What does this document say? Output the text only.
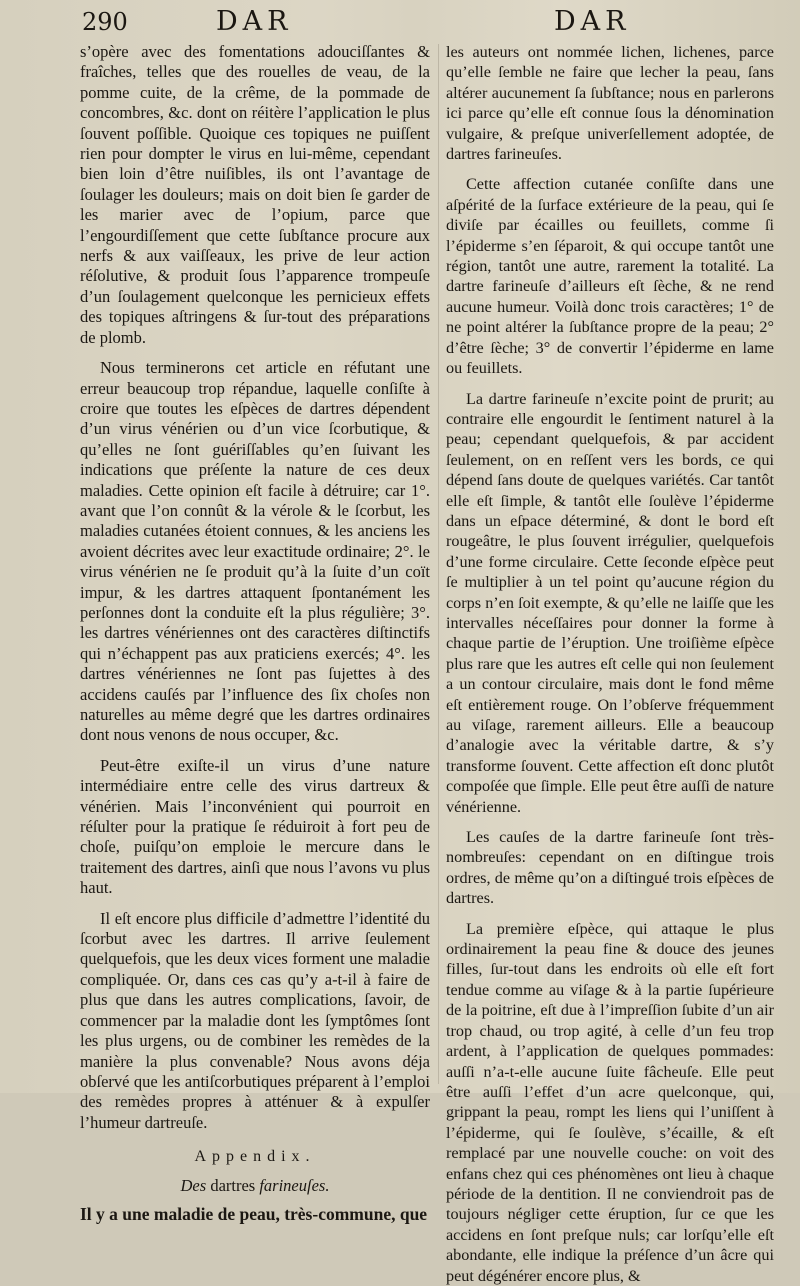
290	DAR	DAR

s’opère avec des fomentations adouciſſantes & fraîches, telles que des rouelles de veau, de la pomme cuite, de la crême, de la pommade de concombres, &c. dont on réitère l’application le plus ſouvent poſſible. Quoique ces topiques ne puiſſent rien pour dompter le virus en lui-même, cependant bien loin d’être nuiſibles, ils ont l’avantage de ſoulager les douleurs; mais on doit bien ſe garder de les marier avec de l’opium, parce que l’engourdiſſement que cette ſubſtance procure aux nerfs & aux vaiſſeaux, les prive de leur action réſolutive, & produit ſous l’apparence trompeuſe d’un ſoulagement quelconque les pernicieux effets des topiques aſtringens & ſur-tout des préparations de plomb.

Nous terminerons cet article en réfutant une erreur beaucoup trop répandue, laquelle conſiſte à croire que toutes les eſpèces de dartres dépendent d’un virus vénérien ou d’un vice ſcorbutique, & qu’elles ne ſont guériſſables qu’en ſuivant les indications que préſente la nature de ces deux maladies. Cette opinion eſt facile à détruire; car 1°. avant que l’on connût & la vérole & le ſcorbut, les maladies cutanées étoient connues, & les anciens les avoient décrites avec leur exactitude ordinaire; 2°. le virus vénérien ne ſe produit qu’à la ſuite d’un coït impur, & les dartres attaquent ſpontanément les perſonnes dont la conduite eſt la plus régulière; 3°. les dartres vénériennes ont des caractères diſtinctifs qui n’échappent pas aux praticiens exercés; 4°. les dartres vénériennes ne ſont pas ſujettes à des accidens cauſés par l’influence des ſix choſes non naturelles au même degré que les dartres ordinaires dont nous venons de nous occuper, &c.

Peut-être exiſte-il un virus d’une nature intermédiaire entre celle des virus dartreux & vénérien. Mais l’inconvénient qui pourroit en réſulter pour la pratique ſe réduiroit à fort peu de choſe, puiſqu’on emploie le mercure dans le traitement des dartres, ainſi que nous l’avons vu plus haut.

Il eſt encore plus difficile d’admettre l’identité du ſcorbut avec les dartres. Il arrive ſeulement quelquefois, que les deux vices forment une maladie compliquée. Or, dans ces cas qu’y a-t-il à faire de plus que dans les autres complications, ſavoir, de commencer par la maladie dont les ſymptômes ſont les plus urgens, ou de combiner les remèdes de la manière la plus convenable? Nous avons déja obſervé que les antiſcorbutiques préparent à l’emploi des remèdes propres à atténuer & à expulſer l’humeur dartreuſe.

Appendix.
Des dartres farineuſes.
Il y a une maladie de peau, très-commune, que

les auteurs ont nommée lichen, lichenes, parce qu’elle ſemble ne faire que lecher la peau, ſans altérer aucunement ſa ſubſtance; nous en parlerons ici parce qu’elle eſt connue ſous la dénomination vulgaire, & preſque univerſellement adoptée, de dartres farineuſes.

Cette affection cutanée conſiſte dans une aſpérité de la ſurface extérieure de la peau, qui ſe diviſe par écailles ou feuillets, comme ſi l’épiderme s’en ſéparoit, & qui occupe tantôt une région, tantôt une autre, rarement la totalité. La dartre farineuſe d’ailleurs eſt ſèche, & ne rend aucune humeur. Voilà donc trois caractères; 1° de ne point altérer la ſubſtance propre de la peau; 2° d’être ſèche; 3° de convertir l’épiderme en lame ou feuillets.

La dartre farineuſe n’excite point de prurit; au contraire elle engourdit le ſentiment naturel à la peau; cependant quelquefois, & par accident ſeulement, on en reſſent vers les bords, ce qui dépend ſans doute de quelques variétés. Car tantôt elle eſt ſimple, & tantôt elle ſoulève l’épiderme dans un eſpace déterminé, & dont le bord eſt rougeâtre, le plus ſouvent irrégulier, quelquefois d’une forme circulaire. Cette ſeconde eſpèce peut ſe multiplier à un tel point qu’aucune région du corps n’en ſoit exempte, & qu’elle ne laiſſe que les intervalles néceſſaires pour donner la forme à chaque partie de l’éruption. Une troiſième eſpèce plus rare que les autres eſt celle qui non ſeulement a un contour circulaire, mais dont le fond même eſt entièrement rouge. On l’obſerve fréquemment au viſage, rarement ailleurs. Elle a beaucoup d’analogie avec la véritable dartre, & s’y transforme ſouvent. Cette affection eſt donc plutôt compoſée que ſimple. Elle peut être auſſi de nature vénérienne.

Les cauſes de la dartre farineuſe ſont très-nombreuſes: cependant on en diſtingue trois ordres, de même qu’on a diſtingué trois eſpèces de dartres.

La première eſpèce, qui attaque le plus ordinairement la peau fine & douce des jeunes filles, ſur-tout dans les endroits où elle eſt fort tendue comme au viſage & à la partie ſupérieure de la poitrine, eſt due à l’impreſſion ſubite d’un air trop chaud, ou trop agité, à celle d’un feu trop ardent, à l’application de quelques pommades: auſſi n’a-t-elle aucune ſuite fâcheuſe. Elle peut être auſſi l’effet d’un acre quelconque, qui, grippant la peau, rompt les liens qui l’uniſſent à l’épiderme, qui ſe ſoulève, s’écaille, & eſt remplacé par une nouvelle couche: on voit des enfans chez qui ces phénomènes ont lieu à chaque période de la dentition. Il ne conviendroit pas de toujours négliger cette éruption, ſur ce que les accidens en ſont preſque nuls; car lorſqu’elle eſt abondante, elle indique la préſence d’un âcre qui peut dégénérer encore plus, &
